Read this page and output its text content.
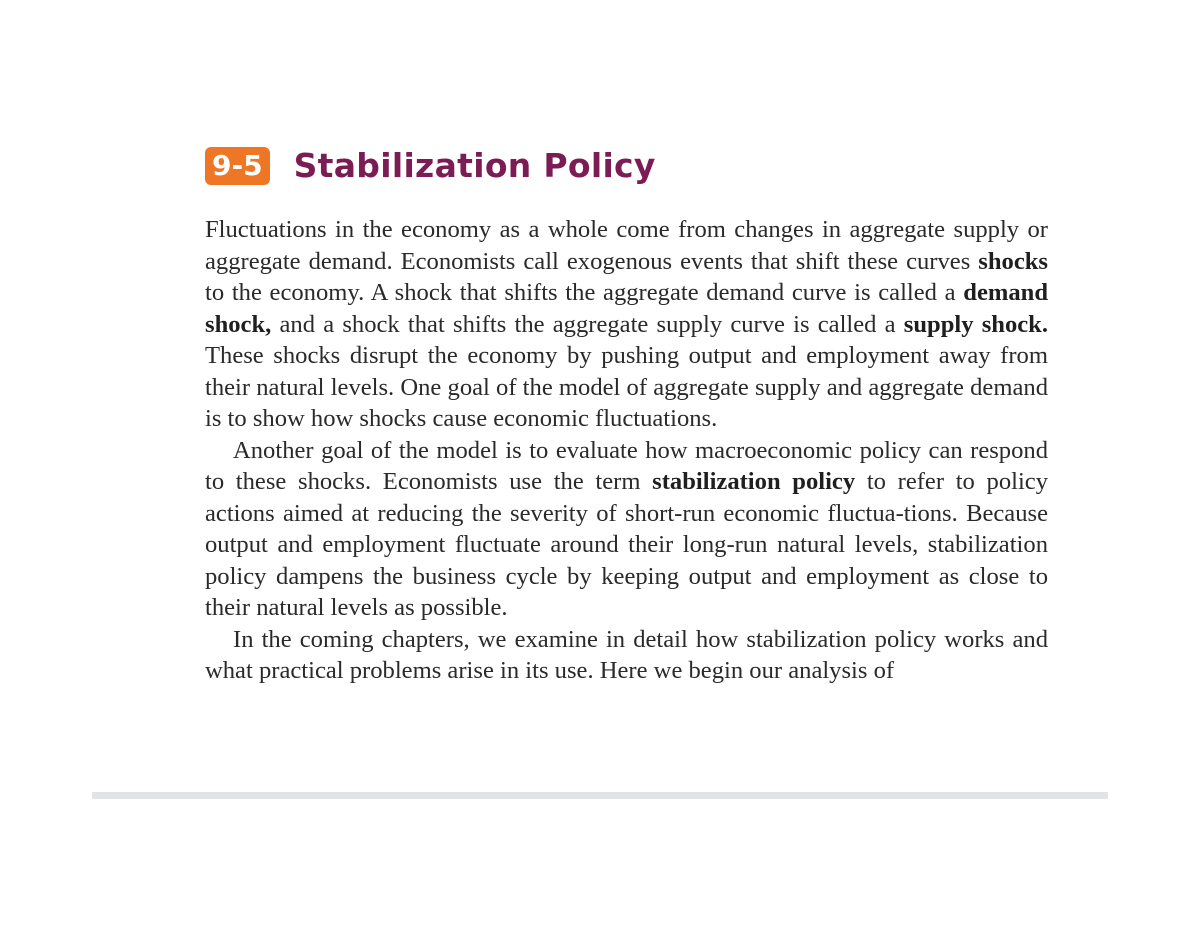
9-5 Stabilization Policy

Fluctuations in the economy as a whole come from changes in aggregate supply or aggregate demand. Economists call exogenous events that shift these curves shocks to the economy. A shock that shifts the aggregate demand curve is called a demand shock, and a shock that shifts the aggregate supply curve is called a supply shock. These shocks disrupt the economy by pushing output and employment away from their natural levels. One goal of the model of aggregate supply and aggregate demand is to show how shocks cause economic fluctuations.

Another goal of the model is to evaluate how macroeconomic policy can respond to these shocks. Economists use the term stabilization policy to refer to policy actions aimed at reducing the severity of short-run economic fluctua-tions. Because output and employment fluctuate around their long-run natural levels, stabilization policy dampens the business cycle by keeping output and employment as close to their natural levels as possible.

In the coming chapters, we examine in detail how stabilization policy works and what practical problems arise in its use. Here we begin our analysis of
